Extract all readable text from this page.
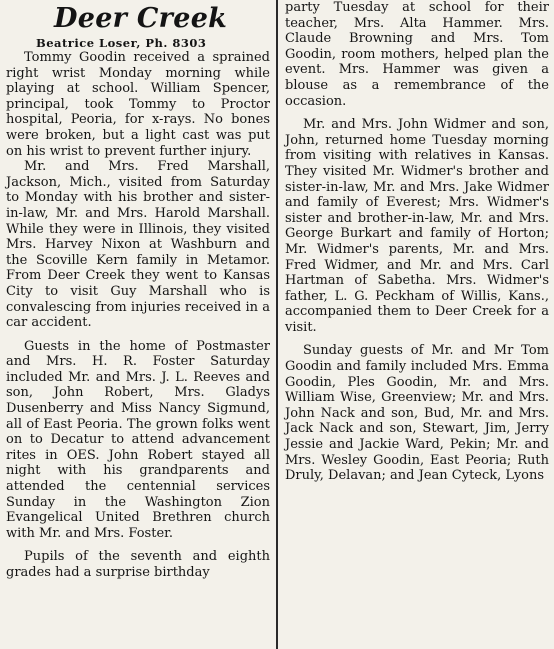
Deer Creek
Beatrice Loser, Ph. 8303

Tommy Goodin received a sprained right wrist Monday morning while playing at school. William Spencer, principal, took Tommy to Proctor hospital, Peoria, for x-rays. No bones were broken, but a light cast was put on his wrist to prevent further injury.

Mr. and Mrs. Fred Marshall, Jackson, Mich., visited from Saturday to Monday with his brother and sister-in-law, Mr. and Mrs. Harold Marshall. While they were in Illinois, they visited Mrs. Harvey Nixon at Washburn and the Scoville Kern family in Metamor. From Deer Creek they went to Kansas City to visit Guy Marshall who is convalescing from injuries received in a car accident.

Guests in the home of Postmaster and Mrs. H. R. Foster Saturday included Mr. and Mrs. J. L. Reeves and son, John Robert, Mrs. Gladys Dusenberry and Miss Nancy Sigmund, all of East Peoria. The grown folks went on to Decatur to attend advancement rites in OES. John Robert stayed all night with his grandparents and attended the centennial services Sunday in the Washington Zion Evangelical United Brethren church with Mr. and Mrs. Foster.

Pupils of the seventh and eighth grades had a surprise birthday

party Tuesday at school for their teacher, Mrs. Alta Hammer. Mrs. Claude Browning and Mrs. Tom Goodin, room mothers, helped plan the event. Mrs. Hammer was given a blouse as a remembrance of the occasion.

Mr. and Mrs. John Widmer and son, John, returned home Tuesday morning from visiting with relatives in Kansas. They visited Mr. Widmer's brother and sister-in-law, Mr. and Mrs. Jake Widmer and family of Everest; Mrs. Widmer's sister and brother-in-law, Mr. and Mrs. George Burkart and family of Horton; Mr. Widmer's parents, Mr. and Mrs. Fred Widmer, and Mr. and Mrs. Carl Hartman of Sabetha. Mrs. Widmer's father, L. G. Peckham of Willis, Kans., accompanied them to Deer Creek for a visit.

Sunday guests of Mr. and Mr Tom Goodin and family included Mrs. Emma Goodin, Ples Goodin, Mr. and Mrs. William Wise, Greenview; Mr. and Mrs. John Nack and son, Bud, Mr. and Mrs. Jack Nack and son, Stewart, Jim, Jerry Jessie and Jackie Ward, Pekin; Mr. and Mrs. Wesley Goodin, East Peoria; Ruth Druly, Delavan; and Jean Cyteck, Lyons
